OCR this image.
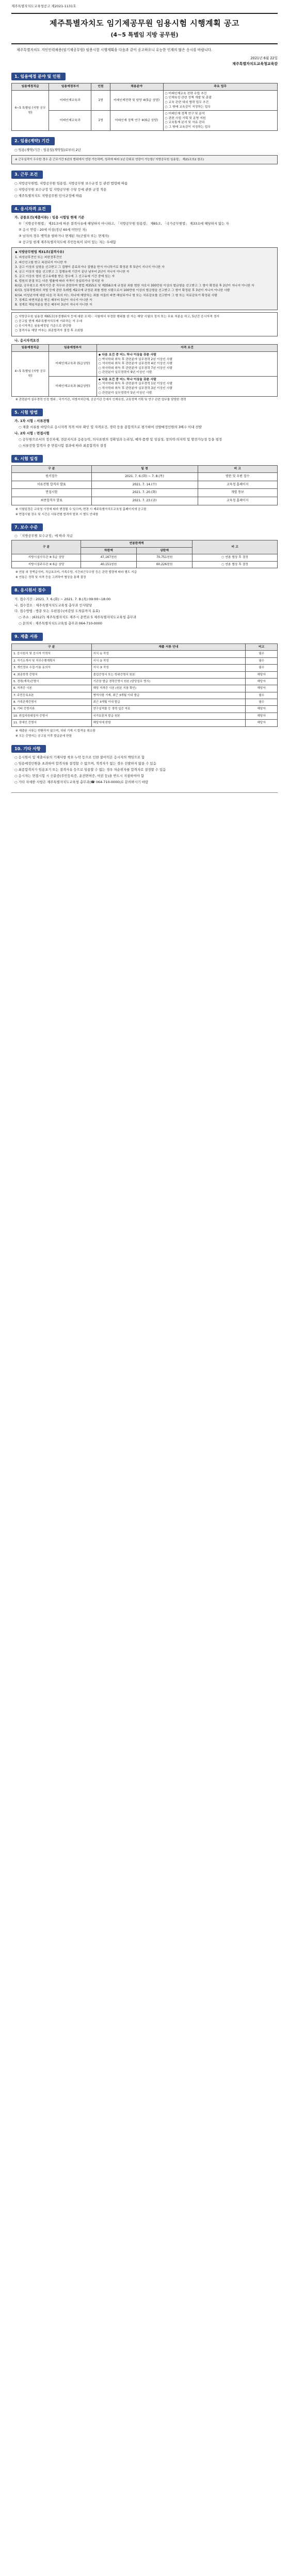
제주특별자치도교육청공고 제2021-1131호
제주특별자치도 임기제공무원 임용시험 시행계획 공고
(4~5 특별임 지방 공무원)
제주특별자치도 지인인력채용(임기제공무원) 임용시험 시행계획을 다음과 같이 공고하오니 유능한 인재의 많은 응시를 바랍니다.
2021년 6월 22일
제주특별자치도교육청교육감
1. 임용예정 분야 및 인원
임용예정직급	임용예정부서	인원	채용분야	주요 업무
4~5 특별임 (지방 공무원)	미래인재교육과	1명	미래인재전략 및 담당 ※(5급 상당)	○ 미래인재교육 전략 수립 추진
○ 인재육성 관련 정책 개발 및 총괄
○ 교육 관련 대외 협력 업무 추진
○ 그 밖에 교육감이 지정하는 업무

	미래인재교육과	1명	미래인재 정책 연구 ※(6급 상당)	○ 미래인재 정책 연구 및 분석
○ 관련 사업 기획 및 운영 지원
○ 교육통계 분석 및 자료 관리
○ 그 밖에 교육감이 지정하는 업무
2. 임용(계약) 기간
○ 임용(계약)기간 : 임용일(계약일)로부터 2년
※ 근무실적이 우수한 경우 총 근무기간 5년의 범위에서 연장 가능하며, 성과에 따라 1년 단위로 연장이 가능함(「지방공무원 임용령」 제21조의2 참조)
3. 근무 조건
○ 지방공무원법, 지방공무원 임용령, 지방공무원 보수규정 등 관련 법령에 따름
○ 지방공무원 보수규정 및 지방공무원 수당 등에 관한 규정 적용
○ 제주특별자치도 지방공무원 인사규정에 따름
4. 응시자격 요건
가. 공통요건(제출서류) : 임용 시험일 현재 기준
①「지방공무원법」 제31조에 따른 결격사유에 해당하지 아니하고, 「지방공무원 임용령」 제65조, 「국가공무원법」 제33조에 해당하지 않는 자
② 응시 연령 : 20세 이상(정년 60세 미만인 자)
③ 남자의 경우 병역을 필하거나 면제된 자(군필자 또는 면제자)
④ 공고일 현재 제주특별자치도에 주민등록이 되어 있는 자는 우대함
◆ 지방공무원법 제31조(결격사유)
1. 피성년후견인 또는 피한정후견인
2. 파산선고를 받고 복권되지 아니한 자
3. 금고 이상의 실형을 선고받고 그 집행이 종료되거나 집행을 받지 아니하기로 확정된 후 5년이 지나지 아니한 자
4. 금고 이상의 형을 선고받고 그 집행유예 기간이 끝난 날부터 2년이 지나지 아니한 자
5. 금고 이상의 형의 선고유예를 받은 경우에 그 선고유예 기간 중에 있는 자
6. 법원의 판결 또는 다른 법률에 따라 자격이 상실되거나 정지된 자
6의2. 공무원으로 재직기간 중 직무와 관련하여 형법 제355조 및 제356조에 규정된 죄를 범한 자로서 300만원 이상의 벌금형을 선고받고 그 형이 확정된 후 2년이 지나지 아니한 자
6의3. 성폭력범죄의 처벌 등에 관한 특례법 제2조에 규정된 죄를 범한 사람으로서 100만원 이상의 벌금형을 선고받고 그 형이 확정된 후 3년이 지나지 아니한 사람
6의4. 미성년자에 대한 다음 각 목의 어느 하나에 해당하는 죄를 저질러 파면·해임되거나 형 또는 치료감호를 선고받아 그 형 또는 치료감호가 확정된 사람
7. 징계로 파면처분을 받은 때부터 5년이 지나지 아니한 자
8. 징계로 해임처분을 받은 때부터 3년이 지나지 아니한 자
○ 지방공무원 임용령 제65조(부정행위자 등에 대한 조치) : 시험에서 부정한 행위를 한 자는 해당 시험의 정지 또는 무효 처분을 하고, 5년간 응시자격 정지
○ 공고일 현재 제주특별자치도에 거주하는 자 우대
○ 응시자격은 임용예정일 기준으로 판단함
○ 결격사유 해당 여부는 최종합격자 결정 후 조회함
나. 응시자격요건
임용예정직급	임용예정부서	자격 요건
4~5 특별임 (지방 공무원)	미래인재교육과 (5급상당)	◆ 다음 요건 중 어느 하나 이상을 갖춘 사람
○ 박사학위 취득 후 관련분야 실무경력 2년 이상인 사람
○ 석사학위 취득 후 관련분야 실무경력 4년 이상인 사람
○ 학사학위 취득 후 관련분야 실무경력 7년 이상인 사람
○ 관련분야 실무경력이 9년 이상인 사람

	미래인재교육과 (6급상당)	◆ 다음 요건 중 어느 하나 이상을 갖춘 사람
○ 석사학위 취득 후 관련분야 실무경력 1년 이상인 사람
○ 학사학위 취득 후 관련분야 실무경력 3년 이상인 사람
○ 관련분야 실무경력이 5년 이상인 사람
※ 관련분야 실무경력 인정 범위 : 국가기관, 지방자치단체, 공공기관 등에서 인재육성, 교육정책 기획 및 연구 관련 업무를 담당한 경력
5. 시험 방법
가. 1차 시험 : 서류전형
○ 제출 서류를 바탕으로 응시자격 적격 여부 확인 및 자격요건, 경력 등을 종합적으로 평가하여 선발예정인원의 3배수 이내 선발
나. 2차 시험 : 면접시험
○ 공무원으로서의 정신자세, 전문지식과 응용능력, 의사표현의 정확성과 논리성, 예의·품행 및 성실성, 창의력·의지력 및 발전가능성 등을 평정
○ 서류전형 합격자 중 면접시험 결과에 따라 최종합격자 결정
6. 시험 일정
구 분	일 정	비 고
원서접수	2021. 7. 6.(화) ~ 7. 8.(목)	방문 및 우편 접수
서류전형 합격자 발표	2021. 7. 14.(수)	교육청 홈페이지
면접시험	2021. 7. 20.(화)	개별 통보
최종합격자 발표	2021. 7. 23.(금)	교육청 홈페이지
※ 시험일정은 교육청 사정에 따라 변경될 수 있으며, 변경 시 제주특별자치도교육청 홈페이지에 공고함
※ 면접시험 장소 및 시간은 서류전형 합격자 발표 시 별도 안내함
7. 보수 수준
○ 「지방공무원 보수규정」에 따라 지급
구 분	연봉한계액		비 고
	하한액	상한액	
지방시설사무관 ※ 5급 상당	47,167천원	70,751천원	○ 연봉 협상 후 결정
지방시설주무관 ※ 6급 상당	40,151천원	60,226천원	○ 연봉 협상 후 결정
※ 연봉 외 정액급식비, 직급보조비, 가족수당, 시간외근무수당 등은 관련 법령에 따라 별도 지급
※ 연봉은 경력 및 자격 등을 고려하여 협상을 통해 결정
8. 응시원서 접수
가. 접수기간 : 2021. 7. 6.(화) ~ 2021. 7. 8.(목) 09:00~18:00
나. 접수장소 : 제주특별자치도교육청 총무과 인사담당
다. 접수방법 : 방문 또는 우편접수(마감일 도착분까지 유효)
○ 주소 : (63127) 제주특별자치도 제주시 문연로 5 제주특별자치도교육청 총무과
○ 문의처 : 제주특별자치도교육청 총무과 064-710-0000
9. 제출 서류
구 분	제출 서류 안내	비고
1. 응시원서 및 응시자 이력서	서식 ① 작성	필수
2. 자기소개서 및 직무수행계획서	서식 ② 작성	필수
3. 개인정보 수집·이용 동의서	서식 ③ 작성	필수
4. 최종학력 증명서	졸업증명서 또는 학위증명서 원본	해당자
5. 경력(재직)증명서	기관장 발급 경력증명서 원본 (담당업무 명시)	해당자
6. 자격증 사본	해당 자격증 사본 (원본 지참 확인)	해당자
7. 주민등록초본	병역사항 기재, 최근 3개월 이내 발급	필수
8. 가족관계증명서	최근 3개월 이내 발급	필수
9. 기타 증빙서류	연구실적물 등 경력 입증 자료	해당자
10. 취업지원대상자 증명서	국가보훈처 발급 원본	해당자
11. 장애인 증명서	해당자에 한함	해당자
※ 제출된 서류는 반환하지 않으며, 허위 기재 시 합격을 취소함
※ 모든 증명서는 공고일 이후 발급분에 한함
10. 기타 사항
○ 응시원서 및 제출서류의 기재사항 착오·누락 등으로 인한 불이익은 응시자의 책임으로 함
○ 임용예정인원을 초과하여 합격자를 결정할 수 없으며, 적격자가 없는 경우 선발하지 않을 수 있음
○ 최종합격자가 임용포기 또는 결격사유 등으로 임용할 수 없는 경우 차순위자를 합격자로 결정할 수 있음
○ 응시자는 면접시험 시 신분증(주민등록증, 운전면허증, 여권 등)을 반드시 지참하여야 함
○ 기타 자세한 사항은 제주특별자치도교육청 총무과(☎ 064-710-0000)로 문의하시기 바람
